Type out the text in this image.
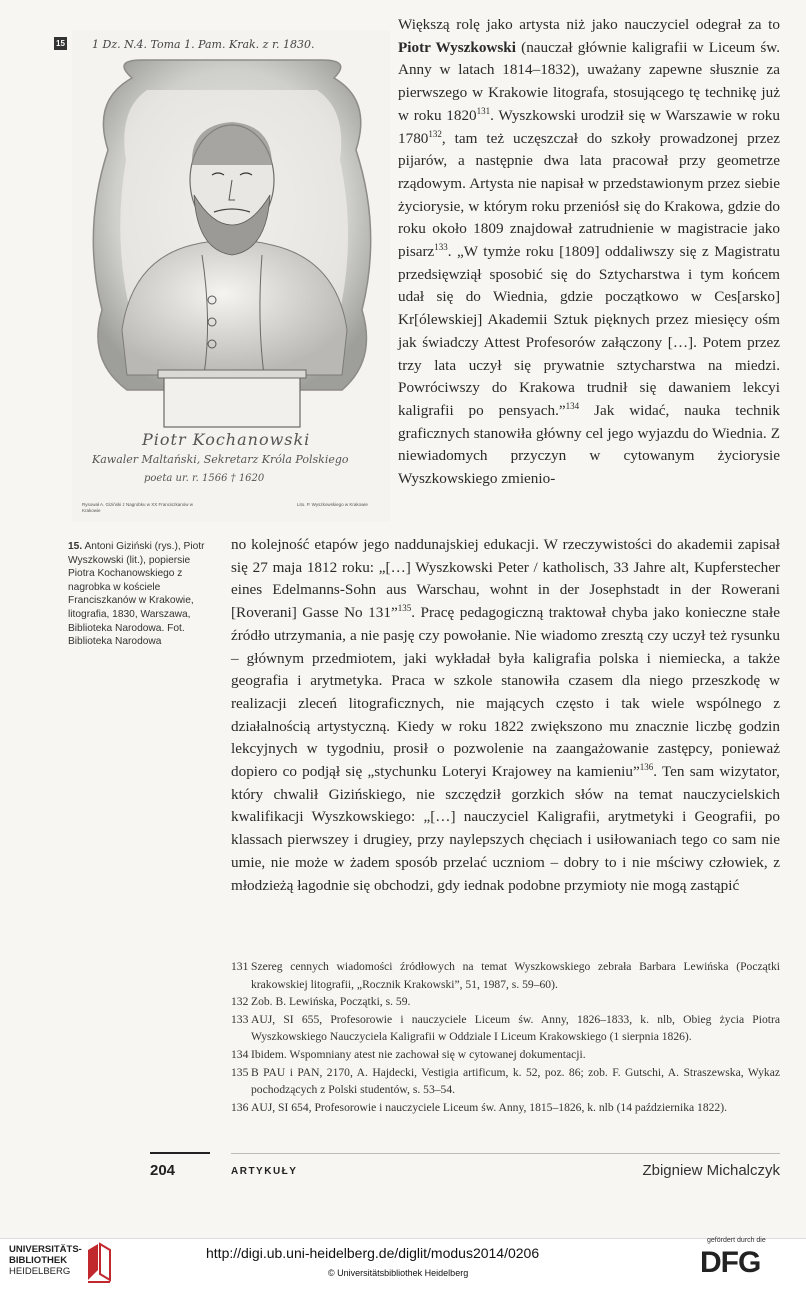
15 1 Dz. N.4. Toma 1. Pam. Krak. z r. 1830.
Piotr Kochanowski
Kawaler Maltański, Sekretarz Króla Polskiego
poeta ur. r. 1566 † 1620
Rysował A. Giziński z Nagrobku w XX Franciszkanów w Krakowie
Lito. P. Wyszkowskiego w Krakowie
15. Antoni Giziński (rys.), Piotr Wyszkowski (lit.), popiersie Piotra Kochanowskiego z nagrobka w kościele Franciszkanów w Krakowie, litografia, 1830, Warszawa, Biblioteka Narodowa. Fot. Biblioteka Narodowa
Większą rolę jako artysta niż jako nauczyciel odegrał za to Piotr Wyszkowski (nauczał głównie kaligrafii w Liceum św. Anny w latach 1814–1832), uważany zapewne słusznie za pierwszego w Krakowie litografa, stosującego tę technikę już w roku 1820$^{131}$. Wyszkowski urodził się w Warszawie w roku 1780$^{132}$, tam też uczęszczał do szkoły prowadzonej przez pijarów, a następnie dwa lata pracował przy geometrze rządowym. Artysta nie napisał w przedstawionym przez siebie życiorysie, w którym roku przeniósł się do Krakowa, gdzie do roku około 1809 znajdował zatrudnienie w magistracie jako pisarz$^{133}$. „W tymże roku [1809] oddaliwszy się z Magistratu przedsięwziął sposobić się do Sztycharstwa i tym końcem udał się do Wiednia, gdzie początkowo w Ces[arsko] Kr[ólewskiej] Akademii Sztuk pięknych przez miesięcy ośm jak świadczy Attest Profesorów załączony […]. Potem przez trzy lata uczył się prywatnie sztycharstwa na miedzi. Powróciwszy do Krakowa trudnił się dawaniem lekcyi kaligrafii po pensyach.”$^{134}$ Jak widać, nauka technik graficznych stanowiła główny cel jego wyjazdu do Wiednia. Z niewiadomych przyczyn w cytowanym życiorysie Wyszkowskiego zmienio-
no kolejność etapów jego naddunajskiej edukacji. W rzeczywistości do akademii zapisał się 27 maja 1812 roku: „[…] Wyszkowski Peter / katholisch, 33 Jahre alt, Kupferstecher eines Edelmanns-Sohn aus Warschau, wohnt in der Josephstadt in der Rowerani [Roverani] Gasse No 131”$^{135}$. Pracę pedagogiczną traktował chyba jako konieczne stałe źródło utrzymania, a nie pasję czy powołanie. Nie wiadomo zresztą czy uczył też rysunku – głównym przedmiotem, jaki wykładał była kaligrafia polska i niemiecka, a także geografia i arytmetyka. Praca w szkole stanowiła czasem dla niego przeszkodę w realizacji zleceń litograficznych, nie mających często i tak wiele wspólnego z działalnością artystyczną. Kiedy w roku 1822 zwiększono mu znacznie liczbę godzin lekcyjnych w tygodniu, prosił o pozwolenie na zaangażowanie zastępcy, ponieważ dopiero co podjął się „stychunku Loteryi Krajowey na kamieniu”$^{136}$. Ten sam wizytator, który chwalił Gizińskiego, nie szczędził gorzkich słów na temat nauczycielskich kwalifikacji Wyszkowskiego: „[…] nauczyciel Kaligrafii, arytmetyki i Geografii, po klassach pierwszey i drugiey, przy naylepszych chęciach i usiłowaniach tego co sam nie umie, nie może w żadem sposób przelać uczniom – dobry to i nie mściwy człowiek, z młodzieżą łagodnie się obchodzi, gdy iednak podobne przymioty nie mogą zastąpić
131 Szereg cennych wiadomości źródłowych na temat Wyszkowskiego zebrała Barbara Lewińska (Początki krakowskiej litografii, „Rocznik Krakowski”, 51, 1987, s. 59–60).
132 Zob. B. Lewińska, Początki, s. 59.
133 AUJ, SI 655, Profesorowie i nauczyciele Liceum św. Anny, 1826–1833, k. nlb, Obieg życia Piotra Wyszkowskiego Nauczyciela Kaligrafii w Oddziale I Liceum Krakowskiego (1 sierpnia 1826).
134 Ibidem. Wspomniany atest nie zachował się w cytowanej dokumentacji.
135 B PAU i PAN, 2170, A. Hajdecki, Vestigia artificum, k. 52, poz. 86; zob. F. Gutschi, A. Straszewska, Wykaz pochodzących z Polski studentów, s. 53–54.
136 AUJ, SI 654, Profesorowie i nauczyciele Liceum św. Anny, 1815–1826, k. nlb (14 października 1822).
204	ARTYKUŁY	Zbigniew Michalczyk
UNIVERSITÄTS-
BIBLIOTHEK
HEIDELBERG
http://digi.ub.uni-heidelberg.de/diglit/modus2014/0206
© Universitätsbibliothek Heidelberg
gefördert durch die
DFG
